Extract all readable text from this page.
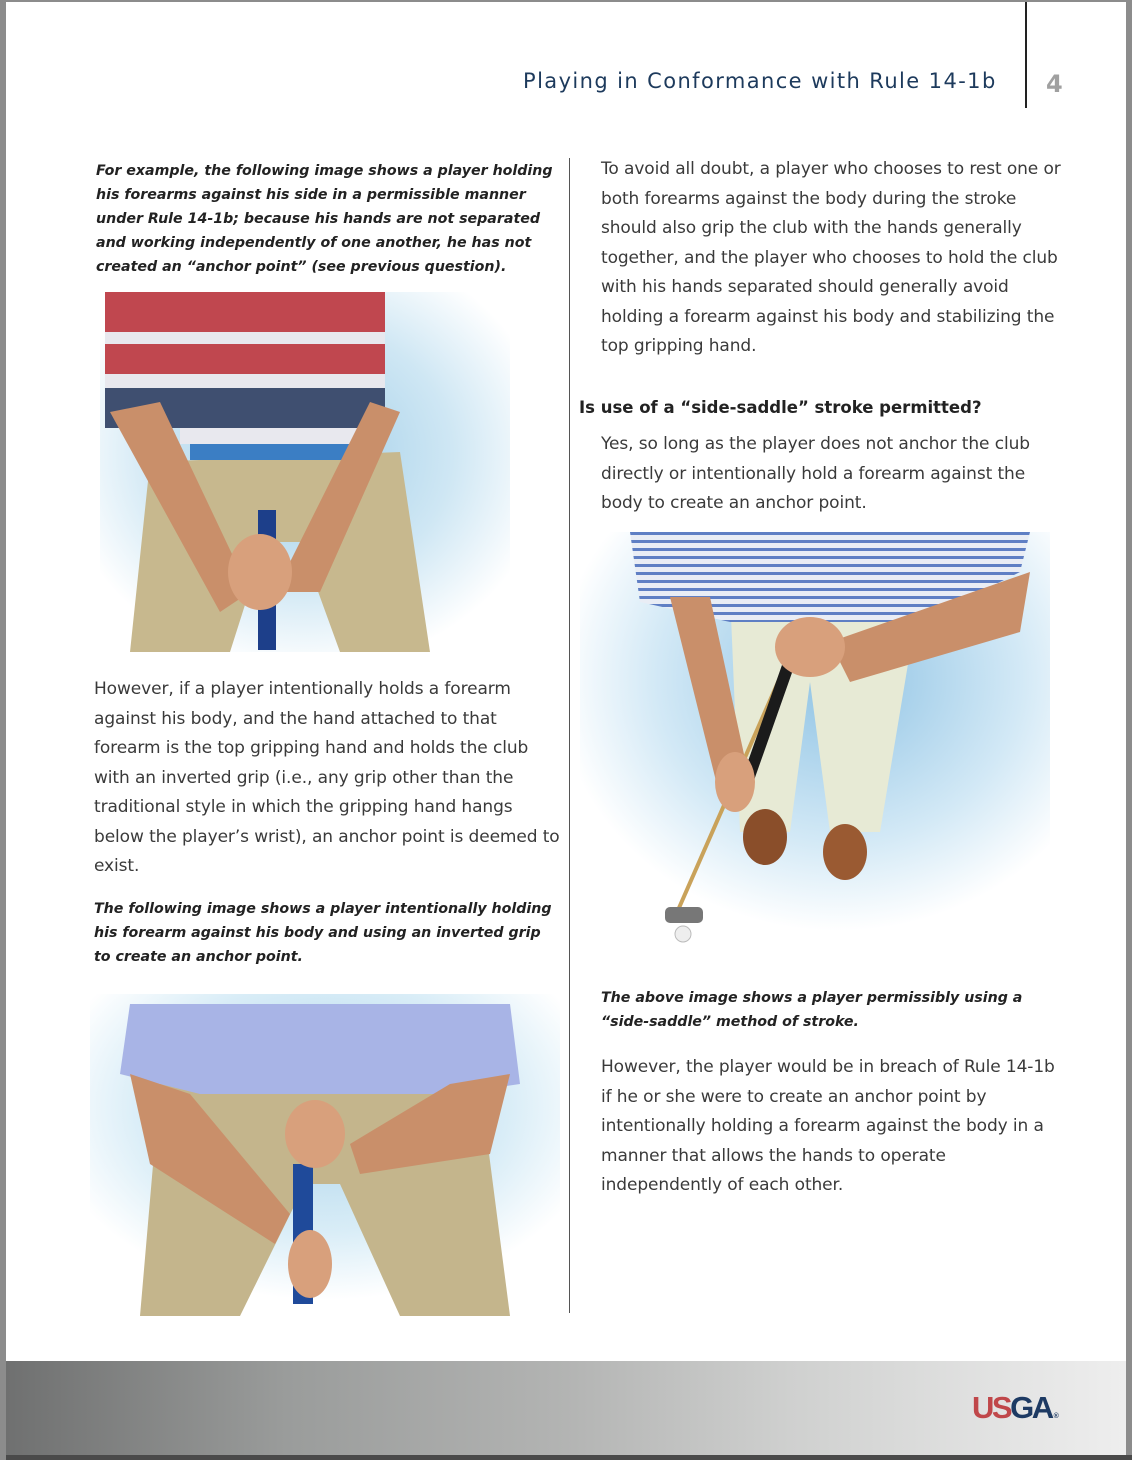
Playing in Conformance with Rule 14-1b 4
For example, the following image shows a player holding his forearms against his side in a permissible manner under Rule 14-1b; because his hands are not separated and working independently of one another, he has not created an “anchor point” (see previous question).
However, if a player intentionally holds a forearm against his body, and the hand attached to that forearm is the top gripping hand and holds the club with an inverted grip (i.e., any grip other than the traditional style in which the gripping hand hangs below the player’s wrist), an anchor point is deemed to exist.
The following image shows a player intentionally holding his forearm against his body and using an inverted grip to create an anchor point.
To avoid all doubt, a player who chooses to rest one or both forearms against the body during the stroke should also grip the club with the hands generally together, and the player who chooses to hold the club with his hands separated should generally avoid holding a forearm against his body and stabilizing the top gripping hand.
Is use of a “side-saddle” stroke permitted?
Yes, so long as the player does not anchor the club directly or intentionally hold a forearm against the body to create an anchor point.
The above image shows a player permissibly using a “side-saddle” method of stroke.
However, the player would be in breach of Rule 14-1b if he or she were to create an anchor point by intentionally holding a forearm against the body in a manner that allows the hands to operate independently of each other.
USGA ®
